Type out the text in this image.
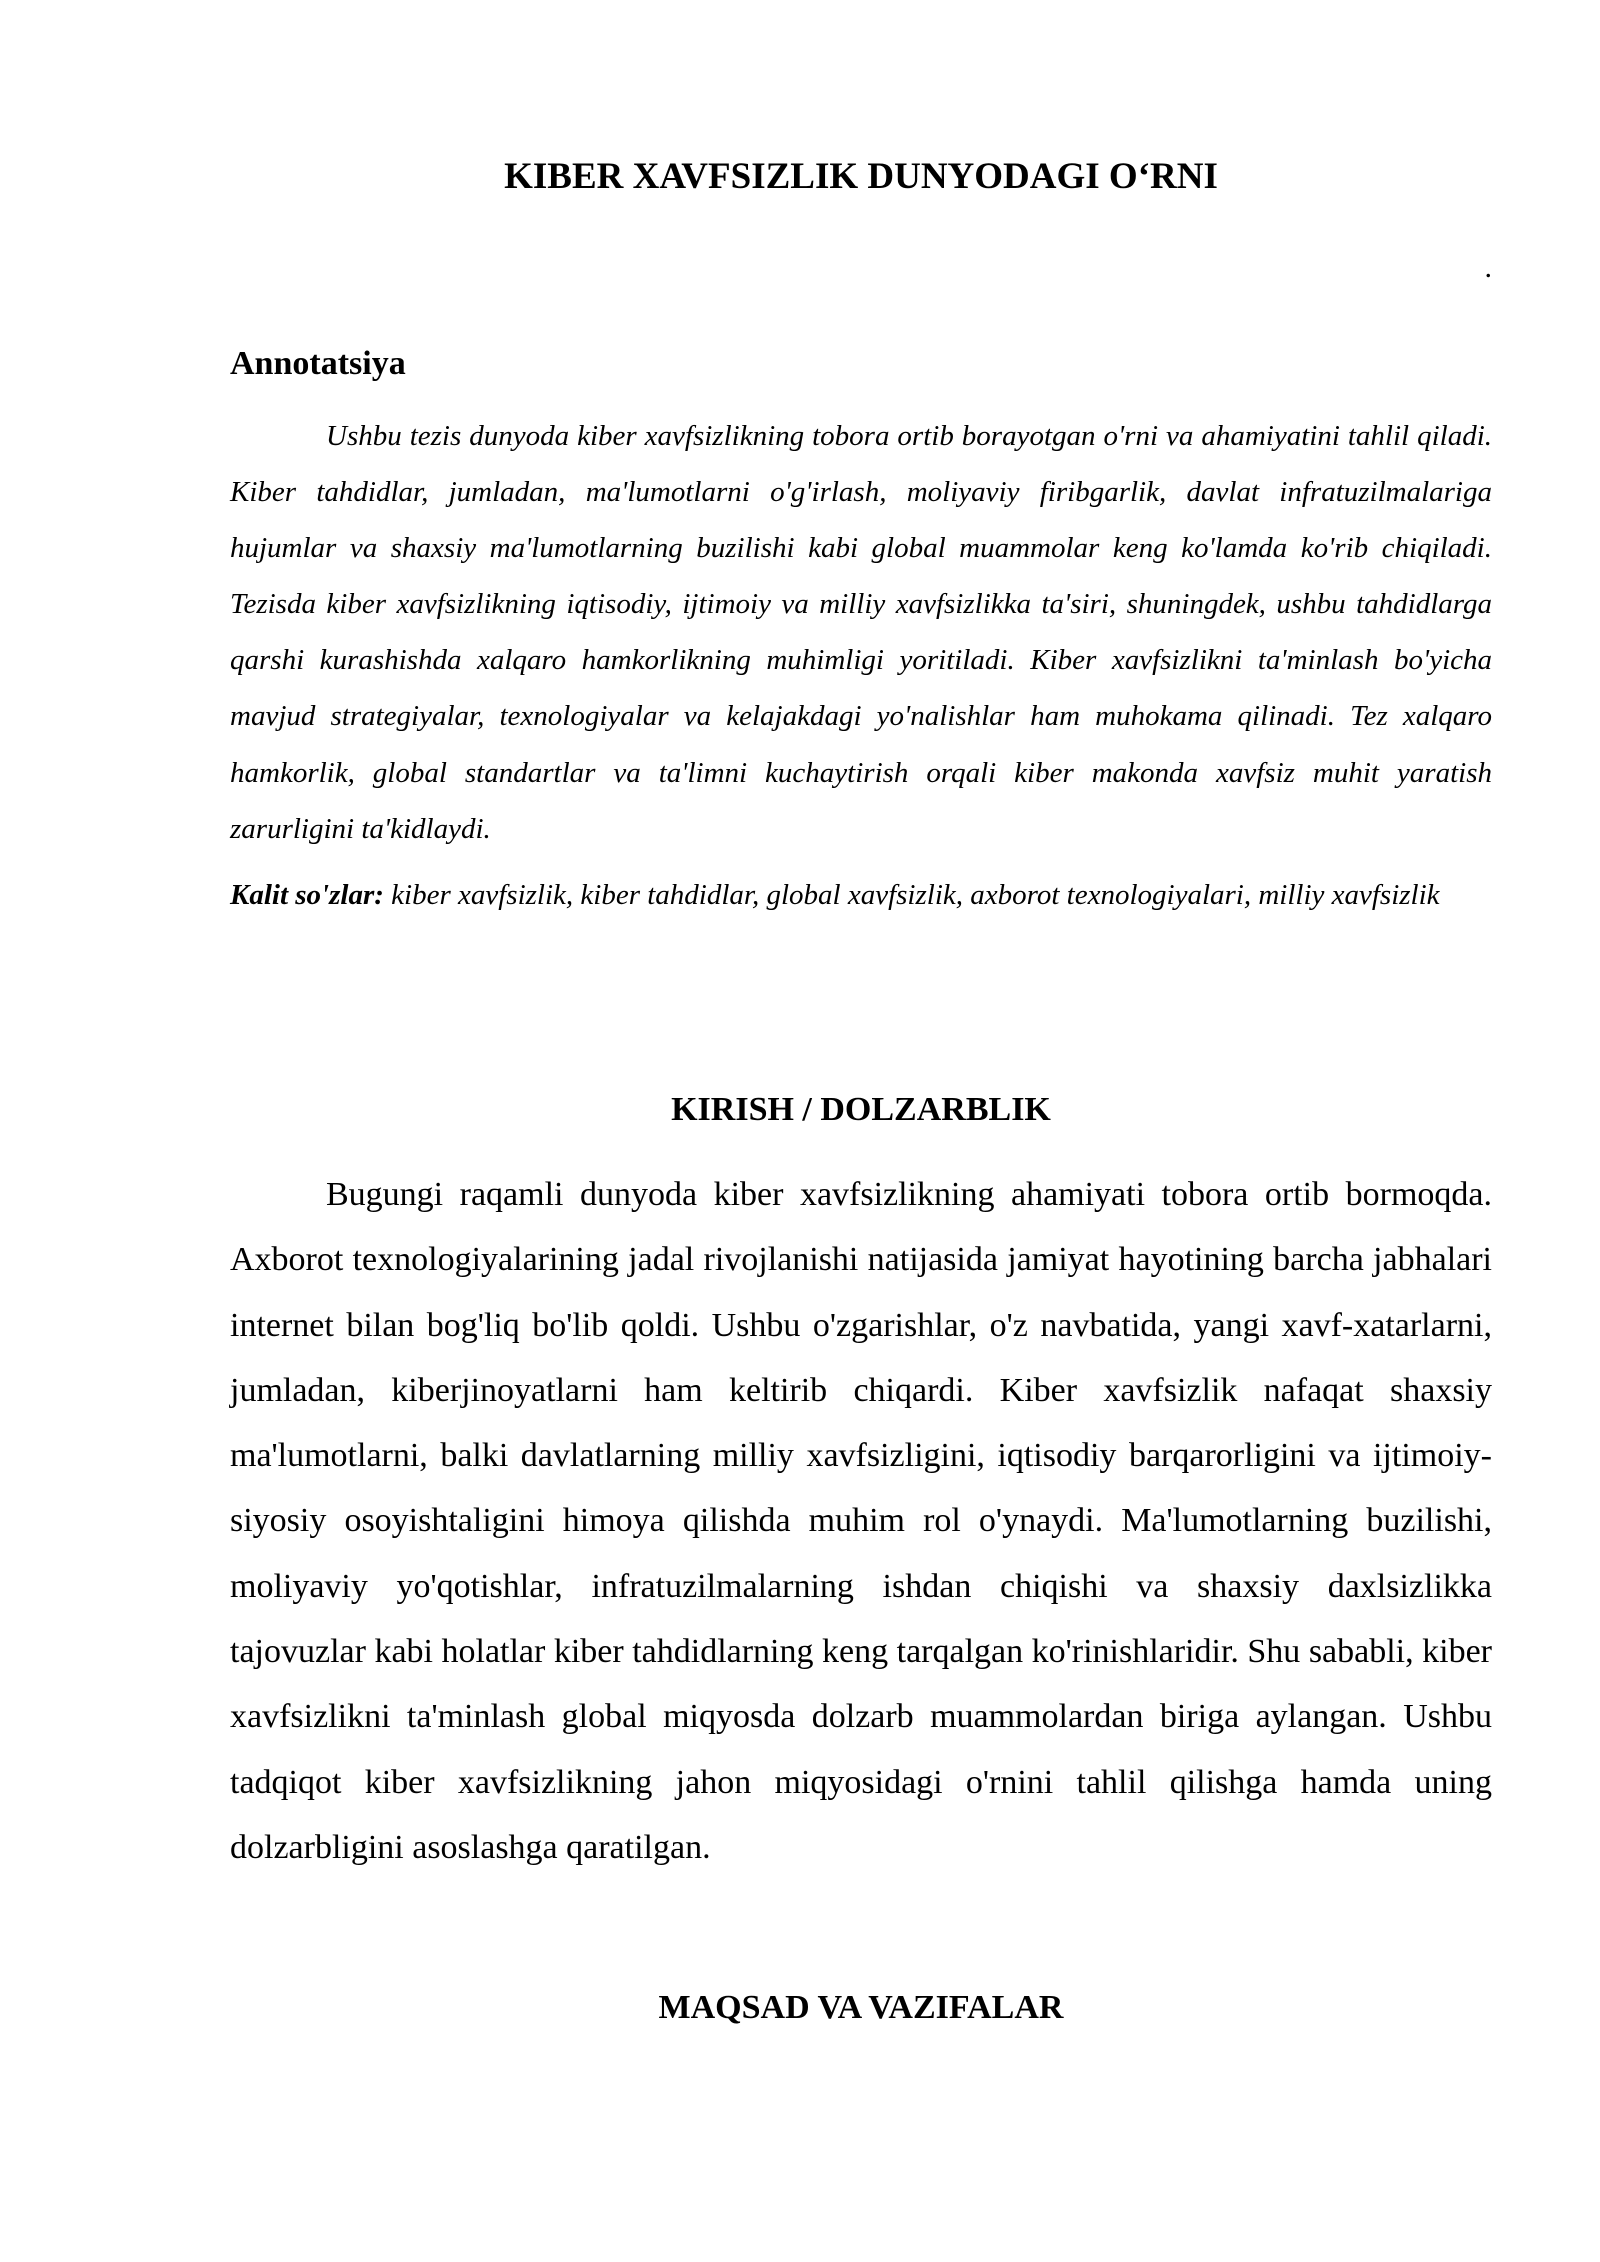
KIBER XAVFSIZLIK DUNYODAGI O‘RNI
.
Annotatsiya

Ushbu tezis dunyoda kiber xavfsizlikning tobora ortib borayotgan o'rni va ahamiyatini tahlil qiladi. Kiber tahdidlar, jumladan, ma'lumotlarni o'g'irlash, moliyaviy firibgarlik, davlat infratuzilmalariga hujumlar va shaxsiy ma'lumotlarning buzilishi kabi global muammolar keng ko'lamda ko'rib chiqiladi. Tezisda kiber xavfsizlikning iqtisodiy, ijtimoiy va milliy xavfsizlikka ta'siri, shuningdek, ushbu tahdidlarga qarshi kurashishda xalqaro hamkorlikning muhimligi yoritiladi. Kiber xavfsizlikni ta'minlash bo'yicha mavjud strategiyalar, texnologiyalar va kelajakdagi yo'nalishlar ham muhokama qilinadi. Tez xalqaro hamkorlik, global standartlar va ta'limni kuchaytirish orqali kiber makonda xavfsiz muhit yaratish zarurligini ta'kidlaydi.

Kalit so'zlar: kiber xavfsizlik, kiber tahdidlar, global xavfsizlik, axborot texnologiyalari, milliy xavfsizlik

KIRISH / DOLZARBLIK

Bugungi raqamli dunyoda kiber xavfsizlikning ahamiyati tobora ortib bormoqda. Axborot texnologiyalarining jadal rivojlanishi natijasida jamiyat hayotining barcha jabhalari internet bilan bog'liq bo'lib qoldi. Ushbu o'zgarishlar, o'z navbatida, yangi xavf-xatarlarni, jumladan, kiberjinoyatlarni ham keltirib chiqardi. Kiber xavfsizlik nafaqat shaxsiy ma'lumotlarni, balki davlatlarning milliy xavfsizligini, iqtisodiy barqarorligini va ijtimoiy-siyosiy osoyishtaligini himoya qilishda muhim rol o'ynaydi. Ma'lumotlarning buzilishi, moliyaviy yo'qotishlar, infratuzilmalarning ishdan chiqishi va shaxsiy daxlsizlikka tajovuzlar kabi holatlar kiber tahdidlarning keng tarqalgan ko'rinishlaridir. Shu sababli, kiber xavfsizlikni ta'minlash global miqyosda dolzarb muammolardan biriga aylangan. Ushbu tadqiqot kiber xavfsizlikning jahon miqyosidagi o'rnini tahlil qilishga hamda uning dolzarbligini asoslashga qaratilgan.

MAQSAD VA VAZIFALAR
